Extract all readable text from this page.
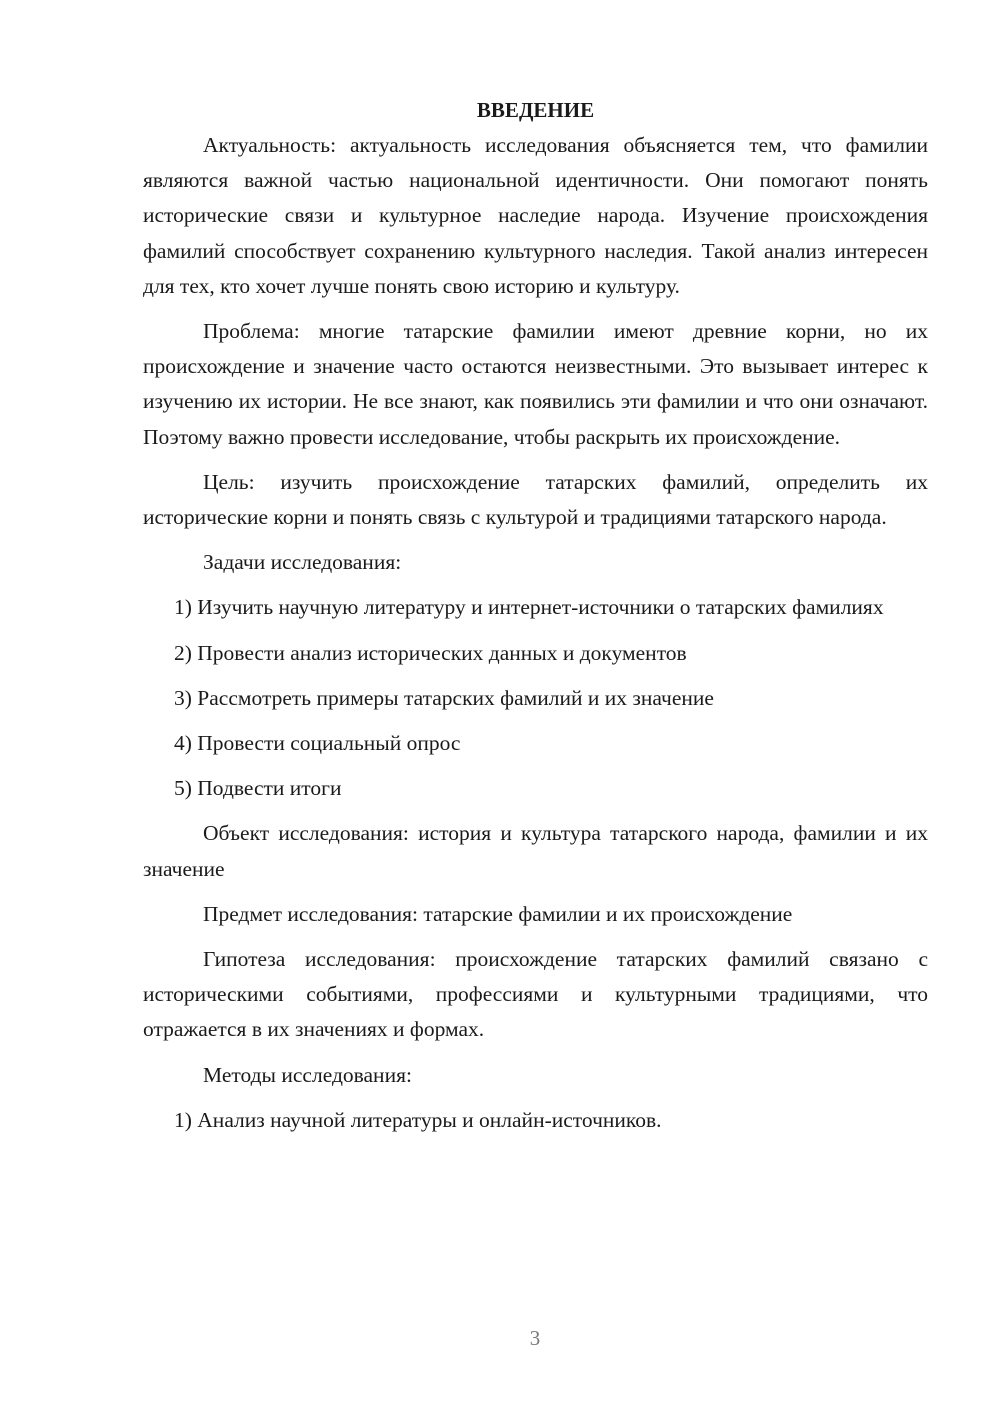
ВВЕДЕНИЕ

Актуальность: актуальность исследования объясняется тем, что фамилии являются важной частью национальной идентичности. Они помогают понять исторические связи и культурное наследие народа. Изучение происхождения фамилий способствует сохранению культурного наследия. Такой анализ интересен для тех, кто хочет лучше понять свою историю и культуру.

Проблема: многие татарские фамилии имеют древние корни, но их происхождение и значение часто остаются неизвестными. Это вызывает интерес к изучению их истории. Не все знают, как появились эти фамилии и что они означают. Поэтому важно провести исследование, чтобы раскрыть их происхождение.

Цель: изучить происхождение татарских фамилий, определить их исторические корни и понять связь с культурой и традициями татарского народа.

Задачи исследования:

1) Изучить научную литературу и интернет-источники о татарских фамилиях

2) Провести анализ исторических данных и документов

3) Рассмотреть примеры татарских фамилий и их значение

4) Провести социальный опрос

5) Подвести итоги

Объект исследования: история и культура татарского народа, фамилии и их значение

Предмет исследования: татарские фамилии и их происхождение

Гипотеза исследования: происхождение татарских фамилий связано с историческими событиями, профессиями и культурными традициями, что отражается в их значениях и формах.

Методы исследования:

1) Анализ научной литературы и онлайн-источников.

3
